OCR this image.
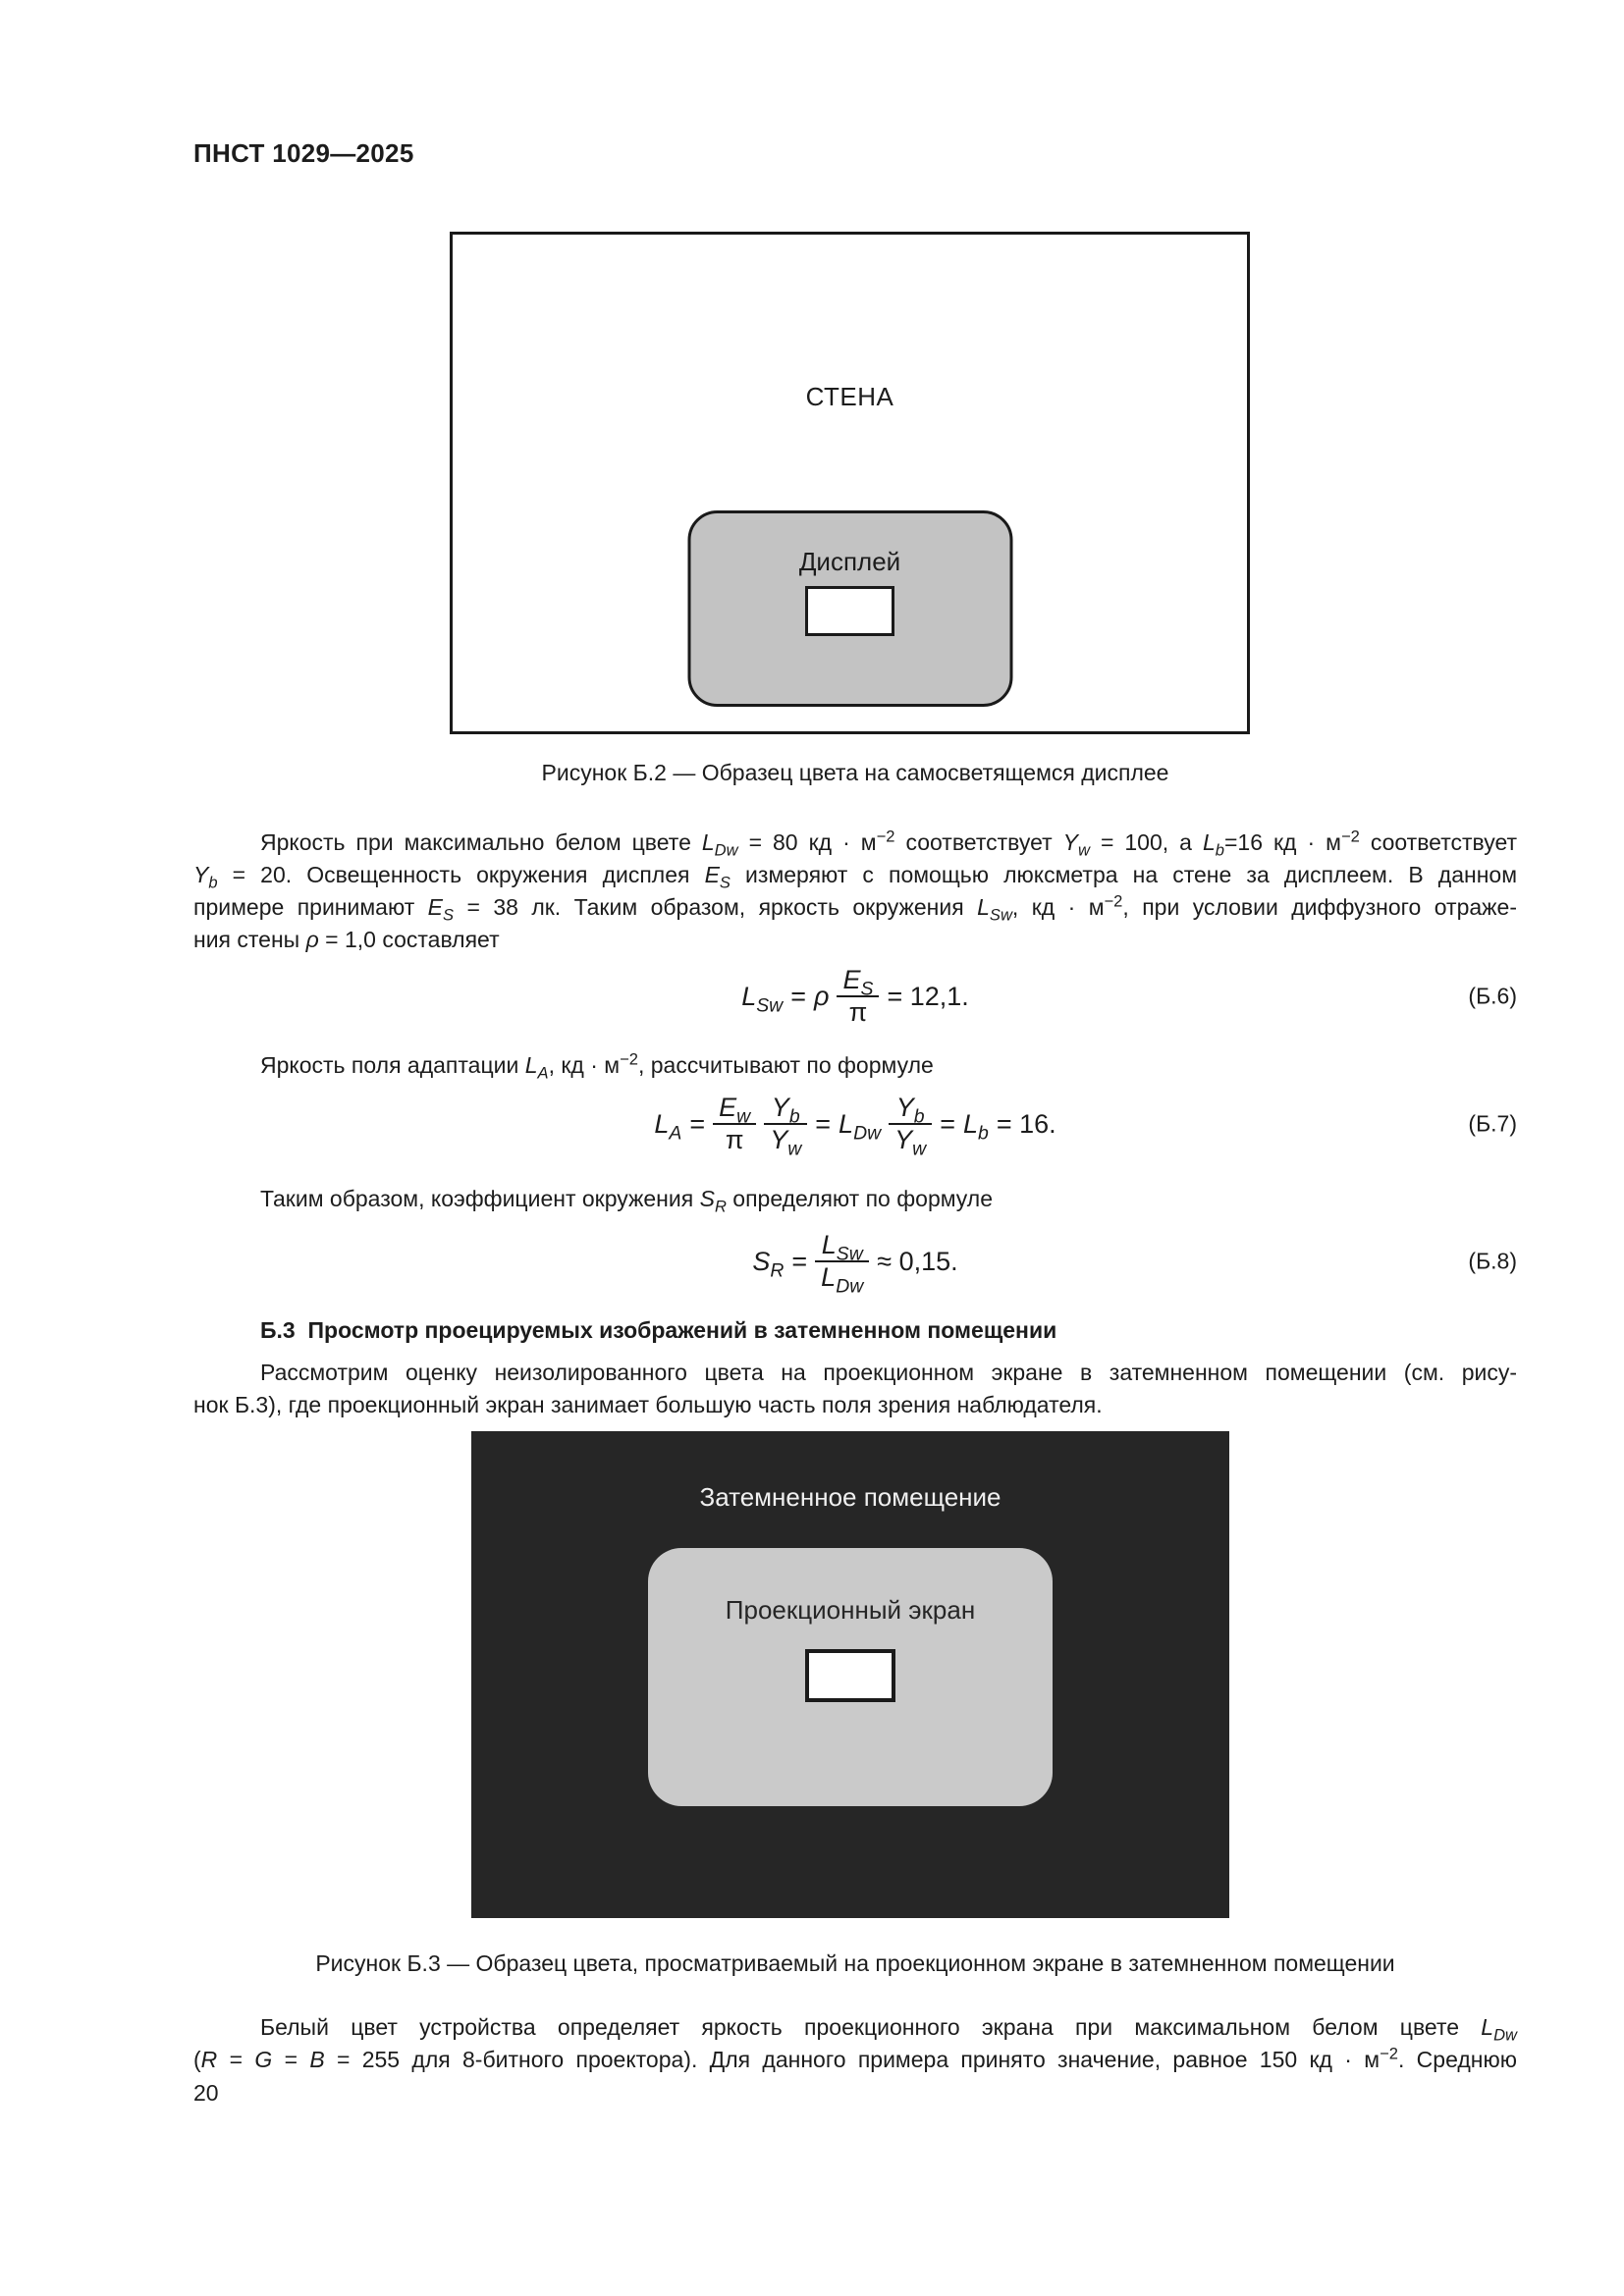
ПНСТ 1029—2025
СТЕНА
Дисплей
Рисунок Б.2 — Образец цвета на самосветящемся дисплее
Яркость при максимально белом цвете $L_{Dw} = 80$ кд · $м^{-2}$ соответствует $Y_w = 100$, а $L_b=16$ кд · $м^{-2}$ соответствует
$Y_b = 20$. Освещенность окружения дисплея $E_S$ измеряют с помощью люксметра на стене за дисплеем. В данном
примере принимают $E_S = 38$ лк. Таким образом, яркость окружения $L_{Sw}$, кд · $м^{-2}$, при условии диффузного отраже-
ния стены ρ = 1,0 составляет
$L_{Sw} = \rho \frac{E_S}{\pi} = 12,1$.	(Б.6)
Яркость поля адаптации $L_A$, кд · $м^{-2}$, рассчитывают по формуле
$L_A = \frac{E_w}{\pi} \frac{Y_b}{Y_w} = L_{Dw} \frac{Y_b}{Y_w} = L_b = 16$.	(Б.7)
Таким образом, коэффициент окружения $S_R$ определяют по формуле
$S_R = \frac{L_{Sw}}{L_{Dw}} \approx 0,15$.	(Б.8)
Б.3  Просмотр проецируемых изображений в затемненном помещении
Рассмотрим оценку неизолированного цвета на проекционном экране в затемненном помещении (см. рису-
нок Б.3), где проекционный экран занимает большую часть поля зрения наблюдателя.
Затемненное помещение
Проекционный экран
Рисунок Б.3 — Образец цвета, просматриваемый на проекционном экране в затемненном помещении
Белый цвет устройства определяет яркость проекционного экрана при максимальном белом цвете $L_{Dw}$
(R = G = B = 255 для 8-битного проектора). Для данного примера принято значение, равное 150 кд · $м^{-2}$. Среднюю
20
